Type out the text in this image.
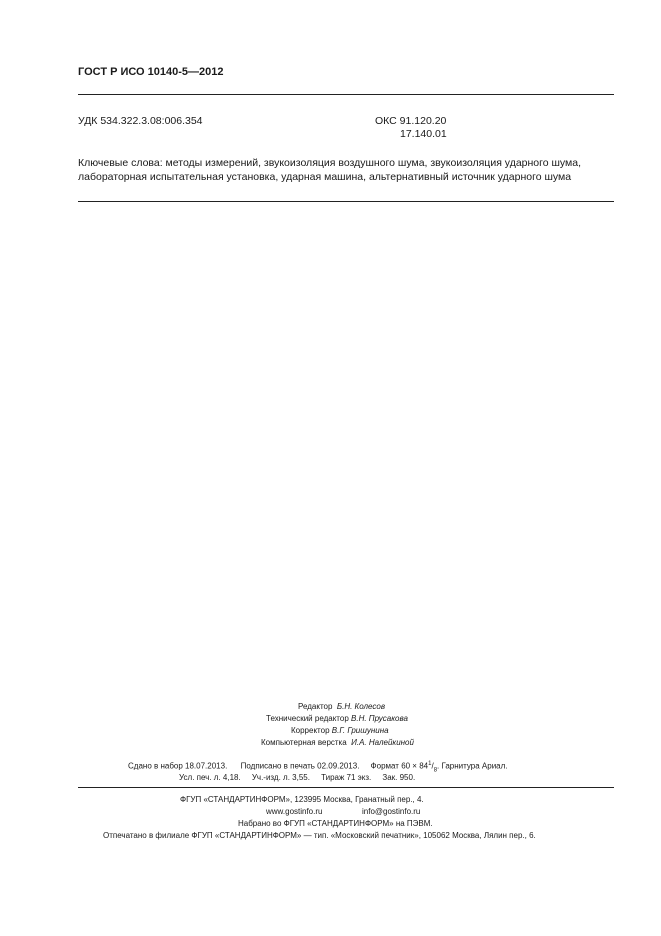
ГОСТ Р ИСО 10140-5—2012
УДК 534.322.3.08:006.354	ОКС 91.120.20
17.140.01
Ключевые слова: методы измерений, звукоизоляция воздушного шума, звукоизоляция ударного шума,
лабораторная испытательная установка, ударная машина, альтернативный источник ударного шума
Редактор Б.Н. Колесов
Технический редактор В.Н. Прусакова
Корректор В.Г. Гришунина
Компьютерная верстка И.А. Налейкиной
Сдано в набор 18.07.2013. Подписано в печать 02.09.2013. Формат $60 \times 84^1/_8$. Гарнитура Ариал.
Усл. печ. л. 4,18. Уч.-изд. л. 3,55. Тираж 71 экз. Зак. 950.
ФГУП «СТАНДАРТИНФОРМ», 123995 Москва, Гранатный пер., 4.
www.gostinfo.ru	info@gostinfo.ru
Набрано во ФГУП «СТАНДАРТИНФОРМ» на ПЭВМ.
Отпечатано в филиале ФГУП «СТАНДАРТИНФОРМ» — тип. «Московский печатник», 105062 Москва, Лялин пер., 6.
